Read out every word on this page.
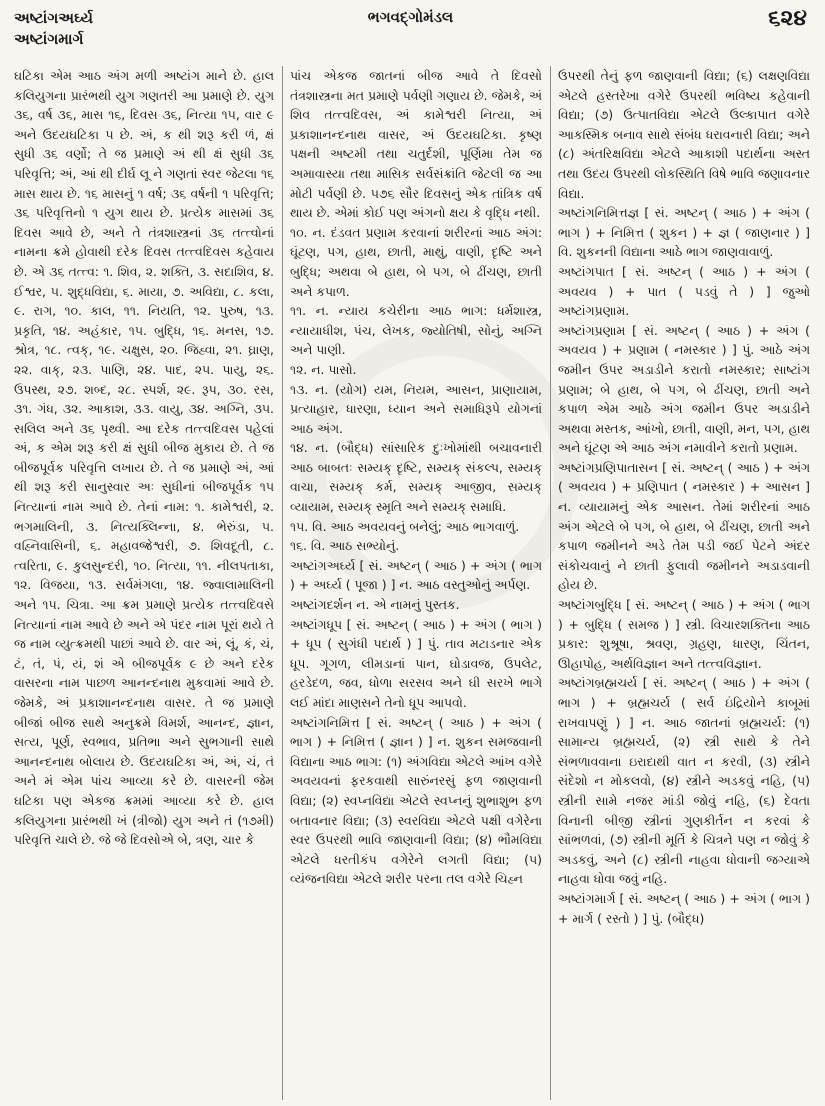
અષ્ટાંગઅર્ઘ્ય
અષ્ટાંગમાર્ગ
ભગવદ્ગોમંડલ	૬૨૪

ઘટિકા એમ આઠ અંગ મળી અષ્ટાંગ માને છે. હાલ કલિયુગના પ્રારંભથી યુગ ગણતરી આ પ્રમાણે છે. યુગ ૩૬, વર્ષ ૩૬, માસ ૧૬, દિવસ ૩૬, નિત્યા ૧૫, વાર ૯ અને ઉદયઘટિકા ૫ છે. અં, ક થી શરૂ કરી ળં, ક્ષં સુધી ૩૬ વર્ણો; તે જ પ્રમાણે અં થી ક્ષં સુધી ૩૬ પરિવૃત્તિ; અં, આં થી દીર્ઘ લૂ ને ગણતાં સ્વર જેટલા ૧૬ માસ થાય છે. ૧૬ માસનું ૧ વર્ષ; ૩૬ વર્ષની ૧ પરિવૃત્તિ; ૩૬ પરિવૃત્તિનો ૧ યુગ થાય છે. પ્રત્યેક માસમાં ૩૬ દિવસ આવે છે, અને તે તંત્રશાસ્ત્રનાં ૩૬ તત્ત્વોનાં નામના ક્રમે હોવાથી દરેક દિવસ તત્ત્વદિવસ કહેવાય છે. એ ૩૬ તત્ત્વ: ૧. શિવ, ૨. શક્તિ, ૩. સદાશિવ, ૪. ઈશ્વર, ૫. શુદ્ધવિદ્યા, ૬. માયા, ૭. અવિદ્યા, ૮. કલા, ૯. રાગ, ૧૦. કાલ, ૧૧. નિયતિ, ૧૨. પુરુષ, ૧૩. પ્રકૃતિ, ૧૪. અહંકાર, ૧૫. બુદ્ધિ, ૧૬. મનસ, ૧૭. શ્રોત્ર, ૧૮. ત્વક્, ૧૯. ચક્ષુસ, ૨૦. જિહ્વા, ૨૧. ઘ્રાણ, ૨૨. વાક્, ૨૩. પાણિ, ૨૪. પાદ, ૨૫. પાયુ, ૨૬. ઉપસ્થ, ૨૭. શબ્દ, ૨૮. સ્પર્શ, ૨૯. રૂપ, ૩૦. રસ, ૩૧. ગંધ, ૩૨. આકાશ, ૩૩. વાયુ, ૩૪. અગ્નિ, ૩૫. સલિલ અને ૩૬ પૃથ્વી. આ દરેક તત્ત્વદિવસ પહેલાં અં, ક એમ શરૂ કરી ક્ષં સુધી બીજ મુકાય છે. તે જ બીજપૂર્વક પરિવૃત્તિ લખાય છે. તે જ પ્રમાણે અં, આં થી શરૂ કરી સાનુસ્વાર અઃ સુધીનાં બીજપૂર્વક ૧૫ નિત્યાનાં નામ આવે છે. તેનાં નામ: ૧. કામેશ્વરી, ૨. ભગમાલિની, ૩. નિત્યક્લિન્ના, ૪. ભેરુંડા, ૫. વહ્નિવાસિની, ૬. મહાવજ્રેશ્વરી, ૭. શિવદૂતી, ૮. ત્વરિતા, ૯. કુલસુન્દરી, ૧૦. નિત્યા, ૧૧. નીલપતાકા, ૧૨. વિજયા, ૧૩. સર્વમંગલા, ૧૪. જ્વાલામાલિની અને ૧૫. ચિત્રા. આ ક્રમ પ્રમાણે પ્રત્યેક તત્ત્વદિવસે નિત્યાનાં નામ આવે છે અને એ પંદર નામ પૂરાં થયે તે જ નામ વ્યુત્ક્રમથી પાછાં આવે છે. વાર અં, લૂં, કં, ચં, ટં, તં, પં, યં, શં એ બીજપૂર્વક ૯ છે અને દરેક વાસરના નામ પાછળ આનન્દનાથ મુકવામાં આવે છે. જેમકે, અં પ્રકાશાનન્દનાથ વાસર. તે જ પ્રમાણે બીજાં બીજ સાથે અનુક્રમે વિમર્શ, આનન્દ, જ્ઞાન, સત્ય, પૂર્ણ, સ્વભાવ, પ્રતિભા અને સુભગાની સાથે આનન્દનાથ બોલાય છે. ઉદયઘટિકા અં, અં, ચં, તં અને મં એમ પાંચ આવ્યા કરે છે. વાસરની જેમ ઘટિકા પણ એકજ ક્રમમાં આવ્યા કરે છે. હાલ કલિયુગના પ્રારંભથી ખં (ત્રીજો) યુગ અને તં (૧૭મી) પરિવૃત્તિ ચાલે છે. જે જે દિવસોએ બે, ત્રણ, ચાર કે

પાંચ એકજ જાતનાં બીજ આવે તે દિવસો તંત્રશાસ્ત્રના મત પ્રમાણે પર્વણી ગણાય છે. જેમકે, અં શિવ તત્ત્વદિવસ, અં કામેશ્વરી નિત્યા, અં પ્રકાશાનન્દનાથ વાસર, અં ઉદયઘટિકા. કૃષ્ણ પક્ષની અષ્ટમી તથા ચતુર્દશી, પૂર્ણિમા તેમ જ અમાવાસ્યા તથા માસિક સર્વસંક્રાંતિ જેટલી જ આ મોટી પર્વણી છે. ૫૭૬ સૌર દિવસનું એક તાંત્રિક વર્ષ થાય છે. એમાં કોઈ પણ અંગનો ક્ષય કે વૃદ્ધિ નથી.

૧૦. ન. દંડવત પ્રણામ કરવાનાં શરીરનાં આઠ અંગ: ઘૂંટણ, પગ, હાથ, છાતી, માથું, વાણી, દૃષ્ટિ અને બુદ્ધિ; અથવા બે હાથ, બે પગ, બે ઢીંચણ, છાતી અને કપાળ.

૧૧. ન. ન્યાય કચેરીના આઠ ભાગ: ધર્મશાસ્ત્ર, ન્યાયાધીશ, પંચ, લેખક, જ્યોતિષી, સોનું, અગ્નિ અને પાણી.

૧૨. ન. પાસો.

૧૩. ન. (યોગ) યમ, નિયમ, આસન, પ્રાણાયામ, પ્રત્યાહાર, ધારણા, ધ્યાન અને સમાધિરૂપે યોગનાં આઠ અંગ.

૧૪. ન. (બૌદ્ધ) સાંસારિક દુઃખોમાંથી બચાવનારી આઠ બાબતઃ સમ્યક્ દૃષ્ટિ, સમ્યક્ સંકલ્પ, સમ્યક્ વાચા, સમ્યક્ કર્મ, સમ્યક્ આજીવ, સમ્યક્ વ્યાયામ, સમ્યક્ સ્મૃતિ અને સમ્યક્ સમાધિ.

૧૫. વિ. આઠ અવયવનું બનેલું; આઠ ભાગવાળું.

૧૬. વિ. આઠ સભ્યોનું.

અષ્ટાંગઅર્ઘ્ય [ સં. અષ્ટન્ ( આઠ ) + અંગ ( ભાગ ) + અર્ઘ્ય ( પૂજા ) ] ન. આઠ વસ્તુઓનું અર્પણ.

અષ્ટાંગદર્શન ન. એ નામનું પુસ્તક.

અષ્ટાંગધૂપ [ સં. અષ્ટન્ ( આઠ ) + અંગ ( ભાગ ) + ધૂપ ( સુગંધી પદાર્થ ) ] પું. તાવ મટાડનાર એક ધૂપ. ગૂગળ, લીમડાનાં પાન, ઘોડાવજ, ઉપલેટ, હરડેદળ, જવ, ધોળા સરસવ અને ઘી સરખે ભાગે લઈ માંદા માણસને તેનો ધૂપ આપવો.

અષ્ટાંગનિમિત્ત [ સં. અષ્ટન્ ( આઠ ) + અંગ ( ભાગ ) + નિમિત્ત ( જ્ઞાન ) ] ન. શુકન સમજવાની વિદ્યાના આઠ ભાગ: (૧) અંગવિદ્યા એટલે આંખ વગેરે અવયવનાં ફરકવાથી સારુંનરસું ફળ જાણવાની વિદ્યા; (૨) સ્વપ્નવિદ્યા એટલે સ્વપ્નનું શુભાશુભ ફળ બતાવનાર વિદ્યા; (૩) સ્વરવિદ્યા એટલે પક્ષી વગેરેના સ્વર ઉપરથી ભાવિ જાણવાની વિદ્યા; (૪) ભૌમવિદ્યા એટલે ધરતીકંપ વગેરેને લગતી વિદ્યા; (૫) વ્યંજનવિદ્યા એટલે શરીર પરના તલ વગેરે ચિહ્ન

ઉપરથી તેનું ફળ જાણવાની વિદ્યા; (૬) લક્ષણવિદ્યા એટલે હસ્તરેખા વગેરે ઉપરથી ભવિષ્ય કહેવાની વિદ્યા; (૭) ઉત્પાતવિદ્યા એટલે ઉલ્કાપાત વગેરે આકસ્મિક બનાવ સાથે સંબંધ ધરાવનારી વિદ્યા; અને (૮) અંતરિક્ષવિદ્યા એટલે આકાશી પદાર્થના અસ્ત તથા ઉદય ઉપરથી લોકસ્થિતિ વિષે ભાવિ જણાવનાર વિદ્યા.

અષ્ટાંગનિમિત્તજ્ઞ [ સં. અષ્ટન્ ( આઠ ) + અંગ ( ભાગ ) + નિમિત્ત ( શુકન ) + જ્ઞ ( જાણનાર ) ] વિ. શુકનની વિદ્યાના આઠે ભાગ જાણવાવાળું.

અષ્ટાંગપાત [ સં. અષ્ટન્ ( આઠ ) + અંગ ( અવયવ ) + પાત ( પડવું તે ) ] જુઓ અષ્ટાંગપ્રણામ.

અષ્ટાંગપ્રણામ [ સં. અષ્ટન્ ( આઠ ) + અંગ ( અવયવ ) + પ્રણામ ( નમસ્કાર ) ] પું. આઠે અંગ જમીન ઉપર અડાડીને કરાતો નમસ્કાર; સાષ્ટાંગ પ્રણામ; બે હાથ, બે પગ, બે ઢીંચણ, છાતી અને કપાળ એમ આઠે અંગ જમીન ઉપર અડાડીને અથવા મસ્તક, આંખો, છાતી, વાણી, મન, પગ, હાથ અને ઘૂંટણ એ આઠ અંગ નમાવીને કરાતો પ્રણામ.

અષ્ટાંગપ્રણિપાતાસન [ સં. અષ્ટન્ ( આઠ ) + અંગ ( અવયવ ) + પ્રણિપાત ( નમસ્કાર ) + આસન ] ન. વ્યાયામનું એક આસન. તેમાં શરીરનાં આઠ અંગ એટલે બે પગ, બે હાથ, બે ઢીંચણ, છાતી અને કપાળ જમીનને અડે તેમ પડી જઈ પેટને અંદર સંકોચવાનું ને છાતી ફુલાવી જમીનને અડાડવાની હોય છે.

અષ્ટાંગબુદ્ધિ [ સં. અષ્ટન્ ( આઠ ) + અંગ ( ભાગ ) + બુદ્ધિ ( સમજ ) ] સ્ત્રી. વિચારશક્તિના આઠ પ્રકાર: શુશ્રૂષા, શ્રવણ, ગ્રહણ, ધારણ, ચિંતન, ઊહાપોહ, અર્થવિજ્ઞાન અને તત્ત્વવિજ્ઞાન.

અષ્ટાંગબ્રહ્મચર્ય [ સં. અષ્ટન્ ( આઠ ) + અંગ ( ભાગ ) + બ્રહ્મચર્ય ( સર્વ ઇંદ્રિયોને કાબૂમાં રાખવાપણું ) ] ન. આઠ જાતનાં બ્રહ્મચર્ય: (૧) સામાન્ય બ્રહ્મચર્ય, (૨) સ્ત્રી સાથે કે તેને સંભળાવવાના ઇરાદાથી વાત ન કરવી, (૩) સ્ત્રીને સંદેશો ન મોકલવો, (૪) સ્ત્રીને અડકવું નહિ, (૫) સ્ત્રીની સામે નજર માંડી જોવું નહિ, (૬) દેવતા વિનાની બીજી સ્ત્રીનાં ગુણકીર્તન ન કરવાં કે સાંભળવાં, (૭) સ્ત્રીની મૂર્તિ કે ચિત્રને પણ ન જોવું કે અડકવું, અને (૮) સ્ત્રીની નાહવા ધોવાની જગ્યાએ નાહવા ધોવા જવું નહિ.

અષ્ટાંગમાર્ગ [ સં. અષ્ટન્ ( આઠ ) + અંગ ( ભાગ ) + માર્ગ ( રસ્તો ) ] પું. (બૌદ્ધ)
